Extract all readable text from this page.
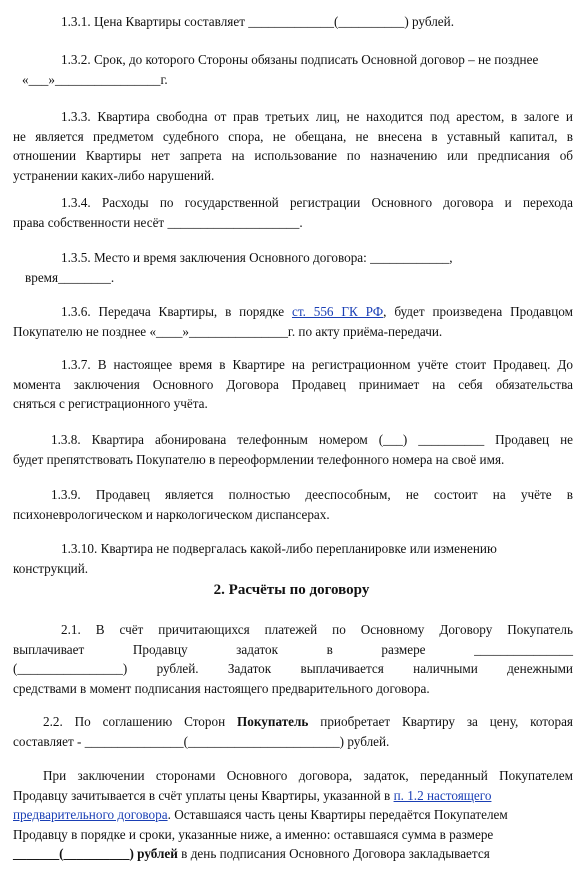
1.3.1. Цена Квартиры составляет _____________(__________) рублей.

1.3.2. Срок, до которого Стороны обязаны подписать Основной договор – не позднее

«___»________________г.

1.3.3. Квартира свободна от прав третьих лиц, не находится под арестом, в залоге и
не является предметом судебного спора, не обещана, не внесена в уставный капитал, в
отношении Квартиры нет запрета на использование по назначению или предписания об
устранении каких-либо нарушений.

1.3.4. Расходы по государственной регистрации Основного договора и перехода
права собственности несёт ____________________.

1.3.5. Место и время заключения Основного договора: ____________,
время________.

1.3.6. Передача Квартиры, в порядке ст. 556 ГК РФ, будет произведена Продавцом
Покупателю не позднее «____»_______________г. по акту приёма-передачи.

1.3.7. В настоящее время в Квартире на регистрационном учёте стоит Продавец. До
момента заключения Основного Договора Продавец принимает на себя обязательства
сняться с регистрационного учёта.

1.3.8. Квартира абонирована телефонным номером (___) __________ Продавец не
будет препятствовать Покупателю в переоформлении телефонного номера на своё имя.

1.3.9. Продавец является полностью дееспособным, не состоит на учёте в
психоневрологическом и наркологическом диспансерах.

1.3.10. Квартира не подвергалась какой-либо перепланировке или изменению
конструкций.

2. Расчёты по договору

2.1. В счёт причитающихся платежей по Основному Договору Покупатель
выплачивает Продавцу задаток в размере _______________
(________________) рублей. Задаток выплачивается наличными денежными
средствами в момент подписания настоящего предварительного договора.

2.2. По соглашению Сторон Покупатель приобретает Квартиру за цену, которая
составляет - _______________(_______________________) рублей.

При заключении сторонами Основного договора, задаток, переданный Покупателем
Продавцу зачитывается в счёт уплаты цены Квартиры, указанной в п. 1.2 настоящего
предварительного договора. Оставшаяся часть цены Квартиры передаётся Покупателем
Продавцу в порядке и сроки, указанные ниже, а именно: оставшаяся сумма в размере
_______(__________) рублей в день подписания Основного Договора закладывается
